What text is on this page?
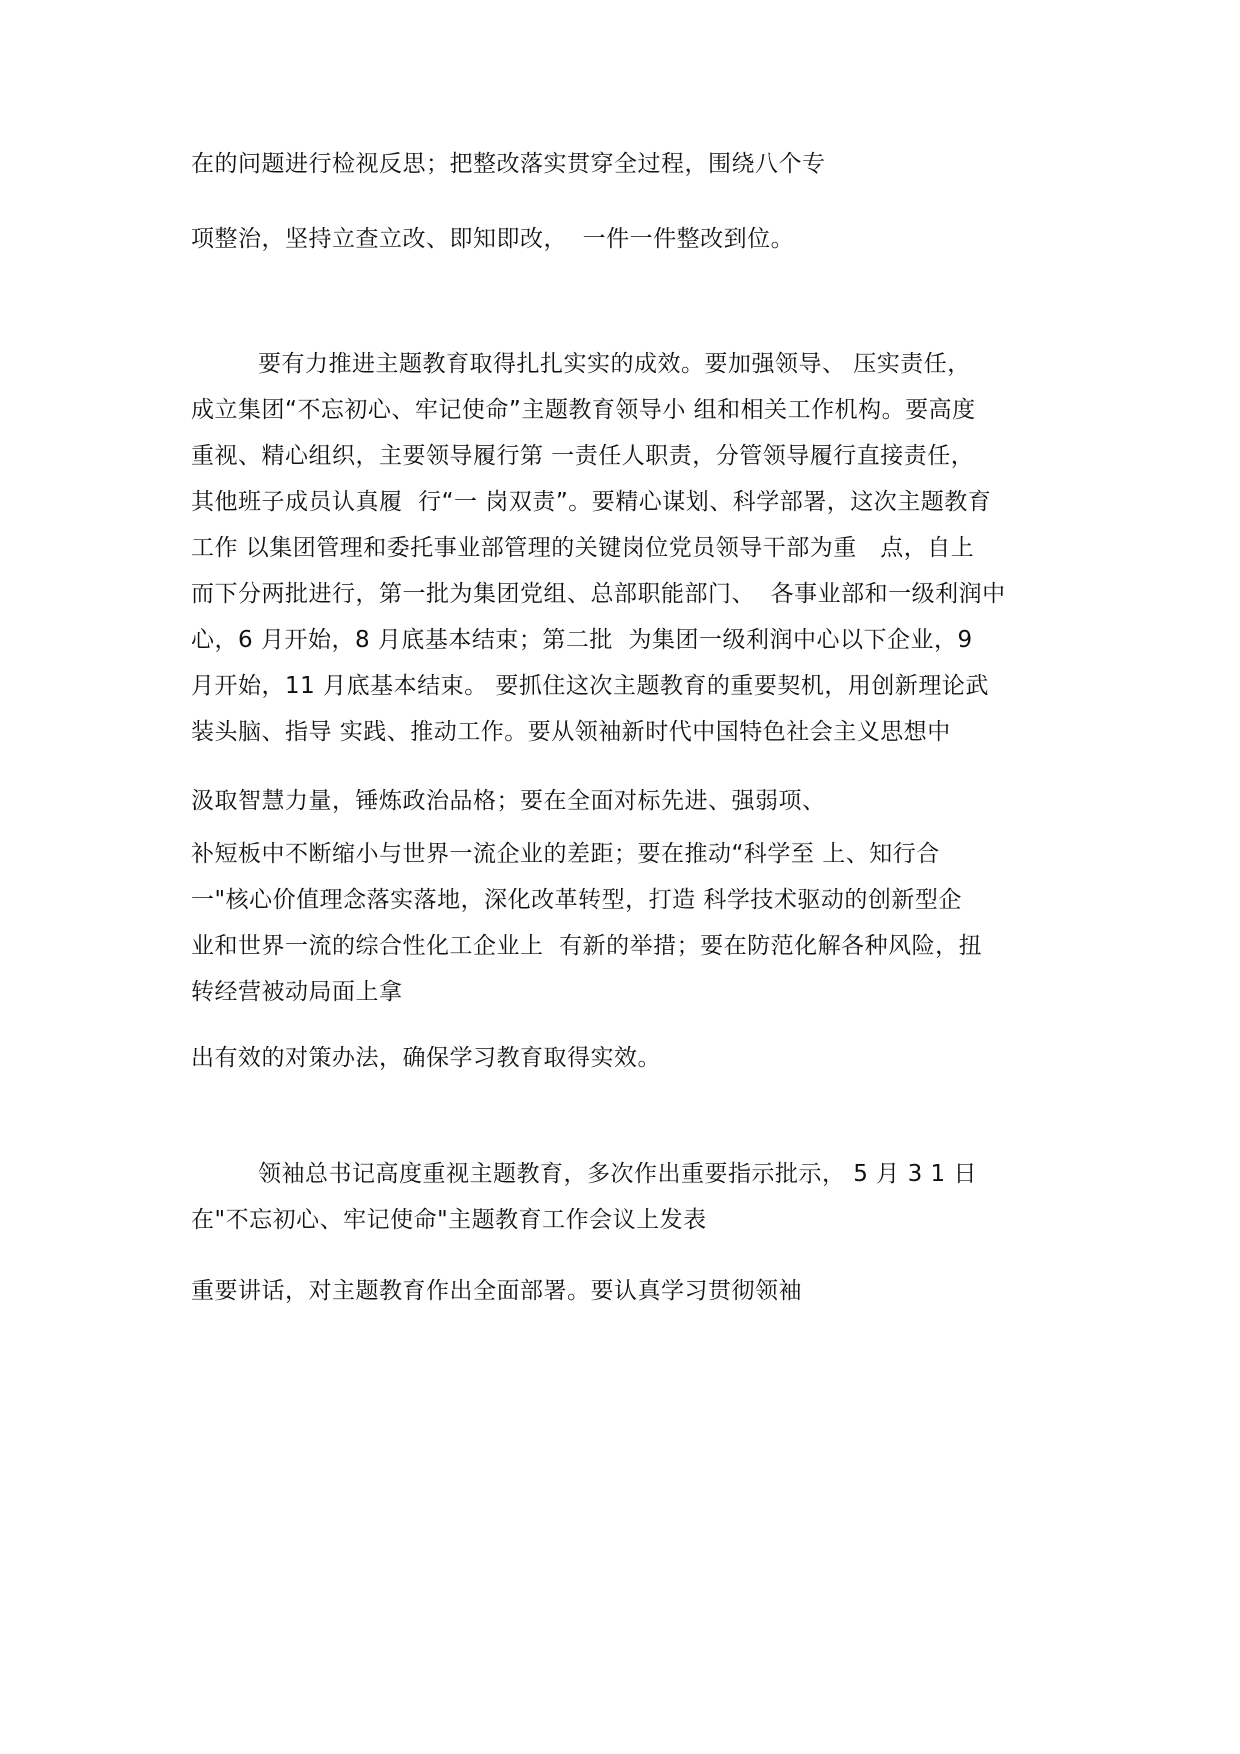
在的问题进行检视反思；把整改落实贯穿全过程，围绕八个专
项整治，坚持立查立改、即知即改，  一件一件整改到位。
要有力推进主题教育取得扎扎实实的成效。要加强领导、 压实责任，
成立集团“不忘初心、牢记使命”主题教育领导小 组和相关工作机构。要高度
重视、精心组织，主要领导履行第 一责任人职责，分管领导履行直接责任，
其他班子成员认真履  行“一 岗双责”。要精心谋划、科学部署，这次主题教育
工作 以集团管理和委托事业部管理的关键岗位党员领导干部为重   点，自上
而下分两批进行，第一批为集团党组、总部职能部门、  各事业部和一级利润中
心，6 月开始，8 月底基本结束；第二批  为集团一级利润中心以下企业，9
月开始，11 月底基本结束。 要抓住这次主题教育的重要契机，用创新理论武
装头脑、指导 实践、推动工作。要从领袖新时代中国特色社会主义思想中
汲取智慧力量，锤炼政治品格；要在全面对标先进、强弱项、
补短板中不断缩小与世界一流企业的差距；要在推动“科学至 上、知行合
一"核心价值理念落实落地，深化改革转型，打造 科学技术驱动的创新型企
业和世界一流的综合性化工企业上  有新的举措；要在防范化解各种风险，扭
转经营被动局面上拿
出有效的对策办法，确保学习教育取得实效。
领袖总书记高度重视主题教育，多次作出重要指示批示， 5 月 3 1 日
在"不忘初心、牢记使命"主题教育工作会议上发表
重要讲话，对主题教育作出全面部署。要认真学习贯彻领袖
